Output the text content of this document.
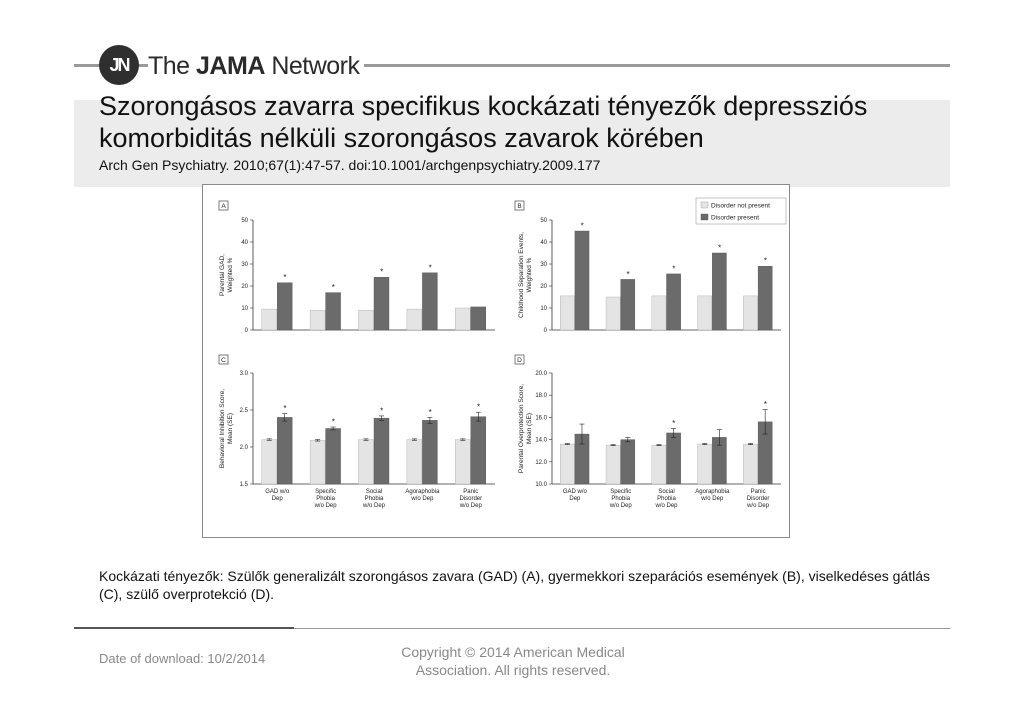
JN The JAMA Network
Szorongásos zavarra specifikus kockázati tényezők depressziós komorbiditás nélküli szorongásos zavarok körében
Arch Gen Psychiatry. 2010;67(1):47-57. doi:10.1001/archgenpsychiatry.2009.177
A
0
10
20
30
40
50
Parental GAD,Weighted %	*
*
*	*
B
0
10
20
30
40
50
Childhood Separation Events,Weighted %
*
*
*
*
*
C
1.5
2.0
2.5
3.0
Behavioral Inhibition Score,Mean (SE)
*
GAD w/o Dep
*
Specific Phobia w/o Dep
*
Social Phobia w/o Dep
*
Agoraphobia w/o Dep
*
Panic Disorder w/o Dep
D
10.0
12.0
14.0
16.0
18.0
20.0
Parental Overprotection Score,Mean (SE)
GAD w/o Dep
Specific Phobia w/o Dep
*
Social Phobia w/o Dep
Agoraphobia w/o Dep
*
Panic Disorder w/o Dep
Disorder not present
Disorder present
Kockázati tényezők: Szülők generalizált szorongásos zavara (GAD) (A), gyermekkori szeparációs események (B), viselkedéses gátlás (C), szülő overprotekció (D).
Date of download: 10/2/2014	Copyright © 2014 American Medical Association. All rights reserved.
